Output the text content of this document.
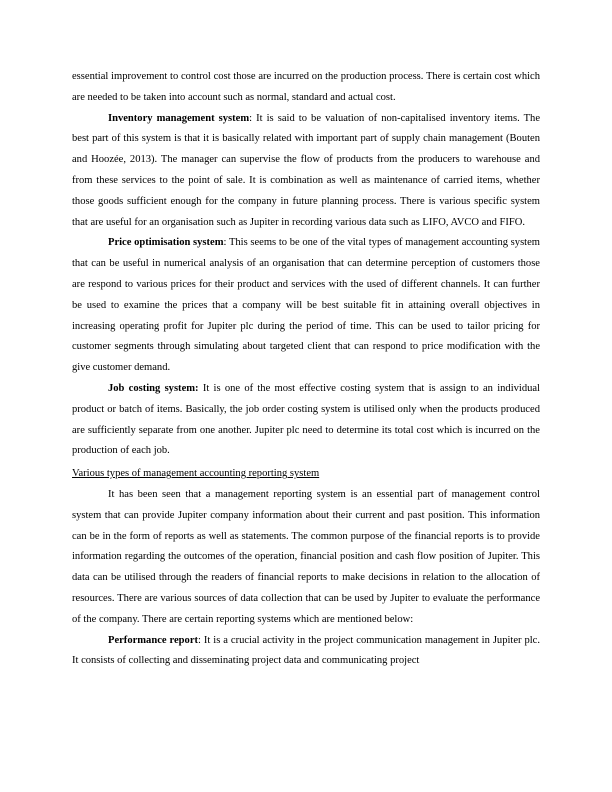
essential improvement to control cost those are incurred on the production process. There is certain cost which are needed to be taken into account such as normal, standard and actual cost.

Inventory management system: It is said to be valuation of non-capitalised inventory items. The best part of this system is that it is basically related with important part of supply chain management (Bouten and Hoozée, 2013). The manager can supervise the flow of products from the producers to warehouse and from these services to the point of sale. It is combination as well as maintenance of carried items, whether those goods sufficient enough for the company in future planning process. There is various specific system that are useful for an organisation such as Jupiter in recording various data such as LIFO, AVCO and FIFO.

Price optimisation system: This seems to be one of the vital types of management accounting system that can be useful in numerical analysis of an organisation that can determine perception of customers those are respond to various prices for their product and services with the used of different channels. It can further be used to examine the prices that a company will be best suitable fit in attaining overall objectives in increasing operating profit for Jupiter plc during the period of time. This can be used to tailor pricing for customer segments through simulating about targeted client that can respond to price modification with the give customer demand.

Job costing system: It is one of the most effective costing system that is assign to an individual product or batch of items. Basically, the job order costing system is utilised only when the products produced are sufficiently separate from one another. Jupiter plc need to determine its total cost which is incurred on the production of each job.

Various types of management accounting reporting system

It has been seen that a management reporting system is an essential part of management control system that can provide Jupiter company information about their current and past position. This information can be in the form of reports as well as statements. The common purpose of the financial reports is to provide information regarding the outcomes of the operation, financial position and cash flow position of Jupiter. This data can be utilised through the readers of financial reports to make decisions in relation to the allocation of resources. There are various sources of data collection that can be used by Jupiter to evaluate the performance of the company. There are certain reporting systems which are mentioned below:

Performance report: It is a crucial activity in the project communication management in Jupiter plc. It consists of collecting and disseminating project data and communicating project
